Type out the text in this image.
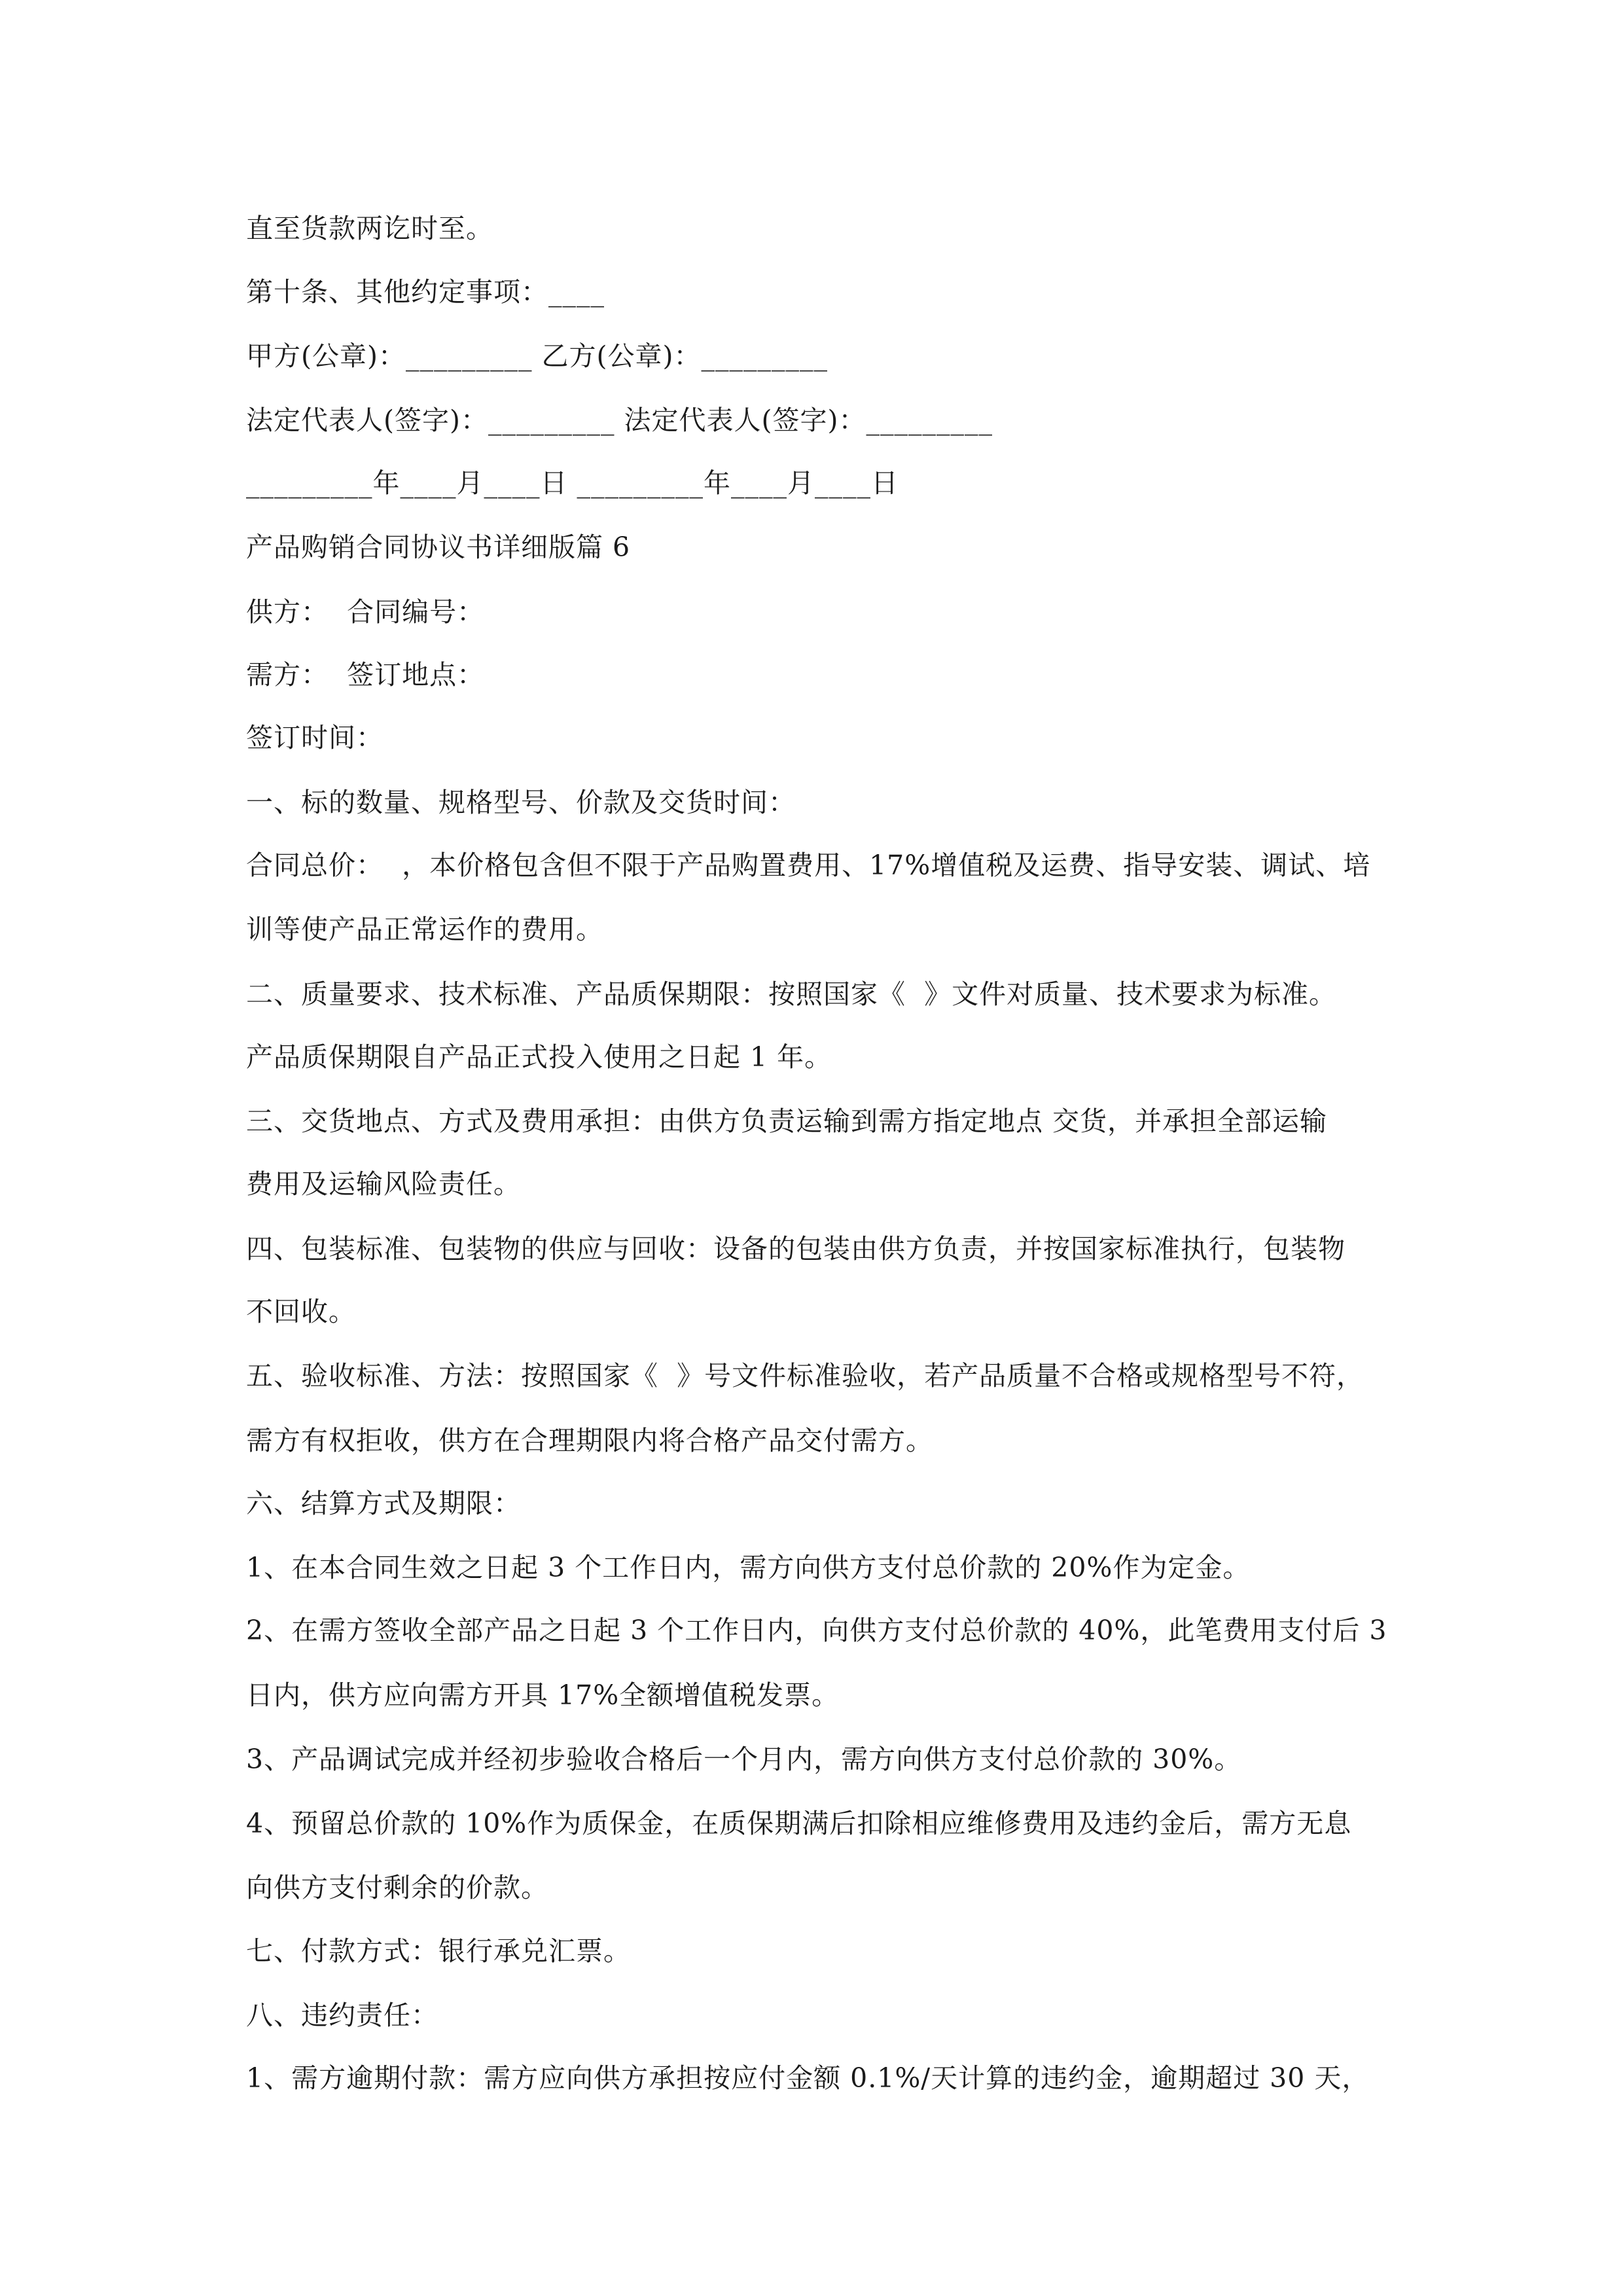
直至货款两讫时至。
第十条、其他约定事项：____
甲方(公章)：_________ 乙方(公章)：_________
法定代表人(签字)：_________ 法定代表人(签字)：_________
_________年____月____日 _________年____月____日
产品购销合同协议书详细版篇 6
供方：  合同编号：
需方：  签订地点：
签订时间：
一、标的数量、规格型号、价款及交货时间：
合同总价：  ，本价格包含但不限于产品购置费用、17%增值税及运费、指导安装、调试、培
训等使产品正常运作的费用。
二、质量要求、技术标准、产品质保期限：按照国家《  》文件对质量、技术要求为标准。
产品质保期限自产品正式投入使用之日起 1 年。
三、交货地点、方式及费用承担：由供方负责运输到需方指定地点 交货，并承担全部运输
费用及运输风险责任。
四、包装标准、包装物的供应与回收：设备的包装由供方负责，并按国家标准执行，包装物
不回收。
五、验收标准、方法：按照国家《  》号文件标准验收，若产品质量不合格或规格型号不符，
需方有权拒收，供方在合理期限内将合格产品交付需方。
六、结算方式及期限：
1、在本合同生效之日起 3 个工作日内，需方向供方支付总价款的 20%作为定金。
2、在需方签收全部产品之日起 3 个工作日内，向供方支付总价款的 40%，此笔费用支付后 3
日内，供方应向需方开具 17%全额增值税发票。
3、产品调试完成并经初步验收合格后一个月内，需方向供方支付总价款的 30%。
4、预留总价款的 10%作为质保金，在质保期满后扣除相应维修费用及违约金后，需方无息
向供方支付剩余的价款。
七、付款方式：银行承兑汇票。
八、违约责任：
1、需方逾期付款：需方应向供方承担按应付金额 0.1%/天计算的违约金，逾期超过 30 天，
